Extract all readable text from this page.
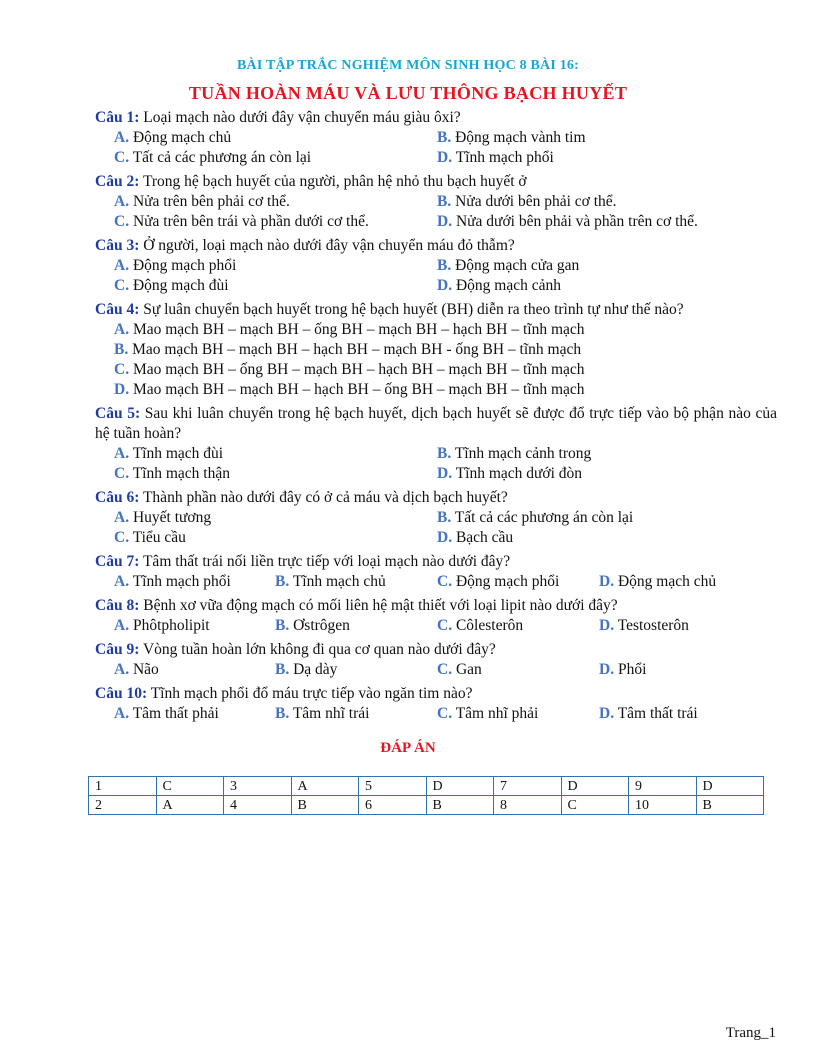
BÀI TẬP TRẮC NGHIỆM MÔN SINH HỌC 8 BÀI 16:
TUẦN HOÀN MÁU VÀ LƯU THÔNG BẠCH HUYẾT
Câu 1: Loại mạch nào dưới đây vận chuyển máu giàu ôxi?
A. Động mạch chủ	B. Động mạch vành tim
C. Tất cả các phương án còn lại	D. Tĩnh mạch phổi
Câu 2: Trong hệ bạch huyết của người, phân hệ nhỏ thu bạch huyết ở
A. Nửa trên bên phải cơ thể.	B. Nửa dưới bên phải cơ thể.
C. Nửa trên bên trái và phần dưới cơ thể.	D. Nửa dưới bên phải và phần trên cơ thể.
Câu 3: Ở người, loại mạch nào dưới đây vận chuyển máu đỏ thẫm?
A. Động mạch phổi	B. Động mạch cửa gan
C. Động mạch đùi	D. Động mạch cảnh
Câu 4: Sự luân chuyển bạch huyết trong hệ bạch huyết (BH) diễn ra theo trình tự như thế nào?
A. Mao mạch BH – mạch BH – ống BH – mạch BH – hạch BH – tĩnh mạch
B. Mao mạch BH – mạch BH – hạch BH – mạch BH - ống BH – tĩnh mạch
C. Mao mạch BH – ống BH – mạch BH – hạch BH – mạch BH – tĩnh mạch
D. Mao mạch BH – mạch BH – hạch BH – ống BH – mạch BH – tĩnh mạch
Câu 5: Sau khi luân chuyển trong hệ bạch huyết, dịch bạch huyết sẽ được đổ trực tiếp vào bộ phận nào của hệ tuần hoàn?
A. Tĩnh mạch đùi	B. Tĩnh mạch cảnh trong
C. Tĩnh mạch thận	D. Tĩnh mạch dưới đòn
Câu 6: Thành phần nào dưới đây có ở cả máu và dịch bạch huyết?
A. Huyết tương	B. Tất cả các phương án còn lại
C. Tiểu cầu	D. Bạch cầu
Câu 7: Tâm thất trái nối liền trực tiếp với loại mạch nào dưới đây?
A. Tĩnh mạch phổi	B. Tĩnh mạch chủ	C. Động mạch phổi	D. Động mạch chủ
Câu 8: Bệnh xơ vữa động mạch có mối liên hệ mật thiết với loại lipit nào dưới đây?
A. Phôtpholipit	B. Ơstrôgen	C. Côlesterôn	D. Testosterôn
Câu 9: Vòng tuần hoàn lớn không đi qua cơ quan nào dưới đây?
A. Não	B. Dạ dày	C. Gan	D. Phổi
Câu 10: Tĩnh mạch phổi đổ máu trực tiếp vào ngăn tim nào?
A. Tâm thất phải	B. Tâm nhĩ trái	C. Tâm nhĩ phải	D. Tâm thất trái
ĐÁP ÁN
1	C	3	A	5	D	7	D	9	D
2	A	4	B	6	B	8	C	10	B
Trang_1
